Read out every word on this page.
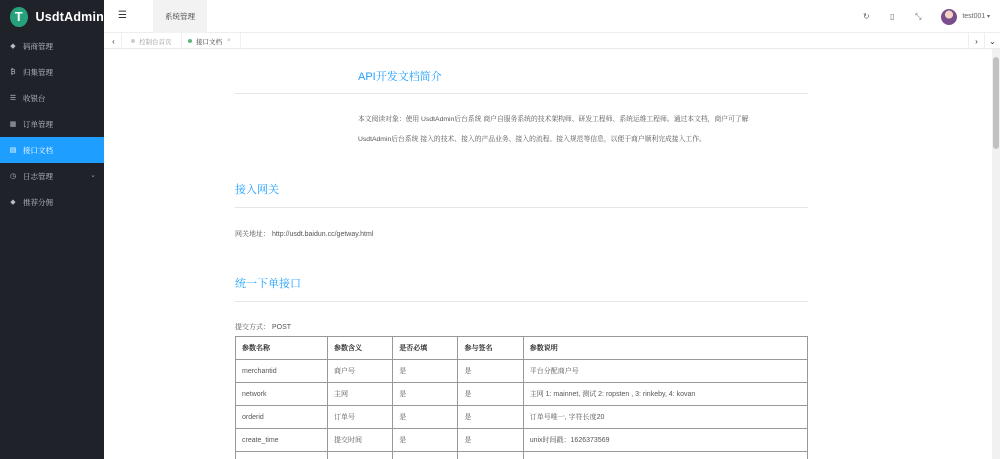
T	UsdtAdmin
◆ 码商管理
₿ 归集管理
☰ 收银台
▦ 订单管理
▤ 接口文档
◷ 日志管理	⌄
◆ 推荐分佣
☰	系统管理	↻	▯	⤡	test001 ▾
‹	控制台首页	接口文档 ×	›	⌄
API开发文档简介
本文阅读对象：使用 UsdtAdmin后台系统 商户自服务系统的技术架构师、研发工程师、系统运维工程师。通过本文档，商户可了解
UsdtAdmin后台系统 接入的技术、接入的产品业务、接入的流程、接入规范等信息，以便于商户顺利完成接入工作。
接入网关
网关地址： http://usdt.baidun.cc/getway.html
统一下单接口
提交方式： POST
参数名称	参数含义	是否必填	参与签名	参数说明
merchantid	商户号	是	是	平台分配商户号
network	主网	是	是	主网 1: mainnet, 测试 2: ropsten , 3: rinkeby, 4: kovan
orderid	订单号	是	是	订单号唯一, 字符长度20
create_time	提交时间	是	是	unix时间戳：1626373569
